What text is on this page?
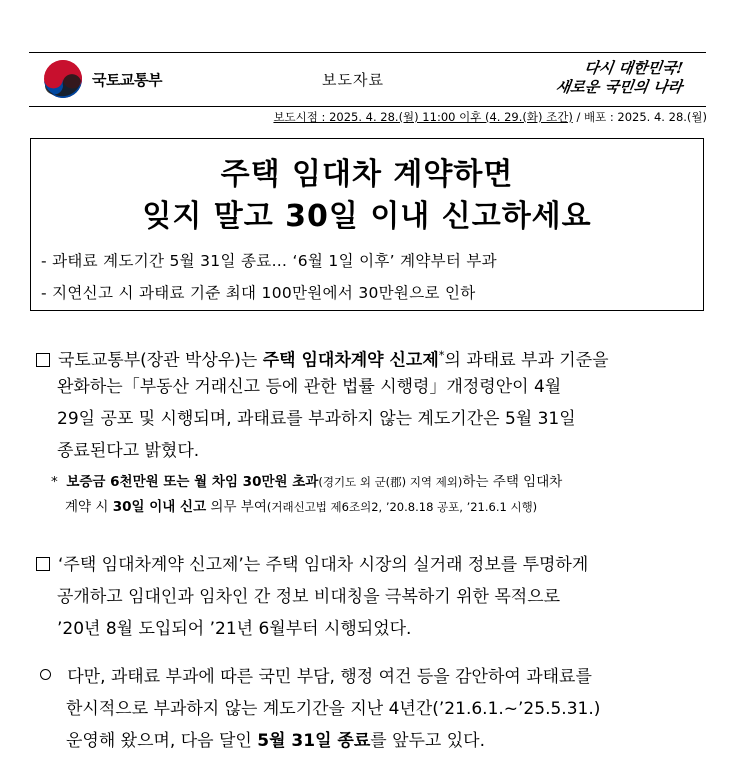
국토교통부	보도자료
다시 대한민국!
새로운 국민의 나라
보도시점 : 2025. 4. 28.(월) 11:00 이후 (4. 29.(화) 조간) / 배포 : 2025. 4. 28.(월)
주택 임대차 계약하면
잊지 말고 30일 이내 신고하세요
- 과태료 계도기간 5월 31일 종료… ‘6월 1일 이후’ 계약부터 부과
- 지연신고 시 과태료 기준 최대 100만원에서 30만원으로 인하
국토교통부(장관 박상우)는 주택 임대차계약 신고제*의 과태료 부과 기준을
완화하는「부동산 거래신고 등에 관한 법률 시행령」개정령안이 4월
29일 공포 및 시행되며, 과태료를 부과하지 않는 계도기간은 5월 31일
종료된다고 밝혔다.
* 보증금 6천만원 또는 월 차임 30만원 초과(경기도 외 군(郡) 지역 제외)하는 주택 임대차
계약 시 30일 이내 신고 의무 부여(거래신고법 제6조의2, ’20.8.18 공포, ’21.6.1 시행)
‘주택 임대차계약 신고제’는 주택 임대차 시장의 실거래 정보를 투명하게
공개하고 임대인과 임차인 간 정보 비대칭을 극복하기 위한 목적으로
’20년 8월 도입되어 ’21년 6월부터 시행되었다.
다만, 과태료 부과에 따른 국민 부담, 행정 여건 등을 감안하여 과태료를
한시적으로 부과하지 않는 계도기간을 지난 4년간(’21.6.1.~’25.5.31.)
운영해 왔으며, 다음 달인 5월 31일 종료를 앞두고 있다.
